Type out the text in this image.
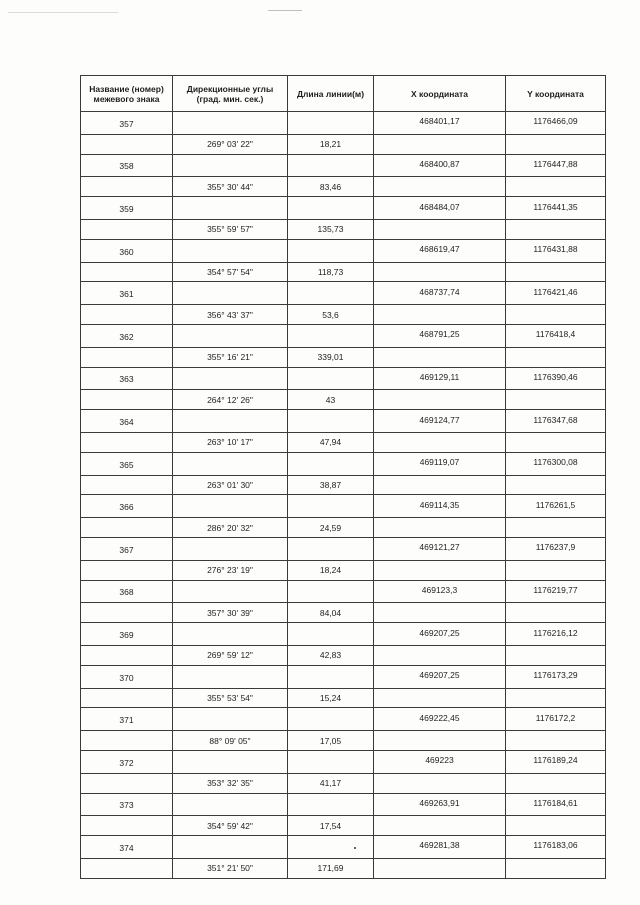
Название (номер)
межевого знака	Дирекционные углы
(град. мин. сек.)	Длина линии(м)	X координата	Y координата
357			468401,17	1176466,09
	269° 03' 22"	18,21		
358			468400,87	1176447,88
	355° 30' 44"	83,46		
359			468484,07	1176441,35
	355° 59' 57"	135,73		
360			468619,47	1176431,88
	354° 57' 54"	118,73		
361			468737,74	1176421,46
	356° 43' 37"	53,6		
362			468791,25	1176418,4
	355° 16' 21"	339,01		
363			469129,11	1176390,46
	264° 12' 26"	43		
364			469124,77	1176347,68
	263° 10' 17"	47,94		
365			469119,07	1176300,08
	263° 01' 30"	38,87		
366			469114,35	1176261,5
	286° 20' 32"	24,59		
367			469121,27	1176237,9
	276° 23' 19"	18,24		
368			469123,3	1176219,77
	357° 30' 39"	84,04		
369			469207,25	1176216,12
	269° 59' 12"	42,83		
370			469207,25	1176173,29
	355° 53' 54"	15,24		
371			469222,45	1176172,2
	88° 09' 05"	17,05		
372			469223	1176189,24
	353° 32' 35"	41,17		
373			469263,91	1176184,61
	354° 59' 42"	17,54		
374			469281,38	1176183,06
	351° 21' 50"	171,69		
